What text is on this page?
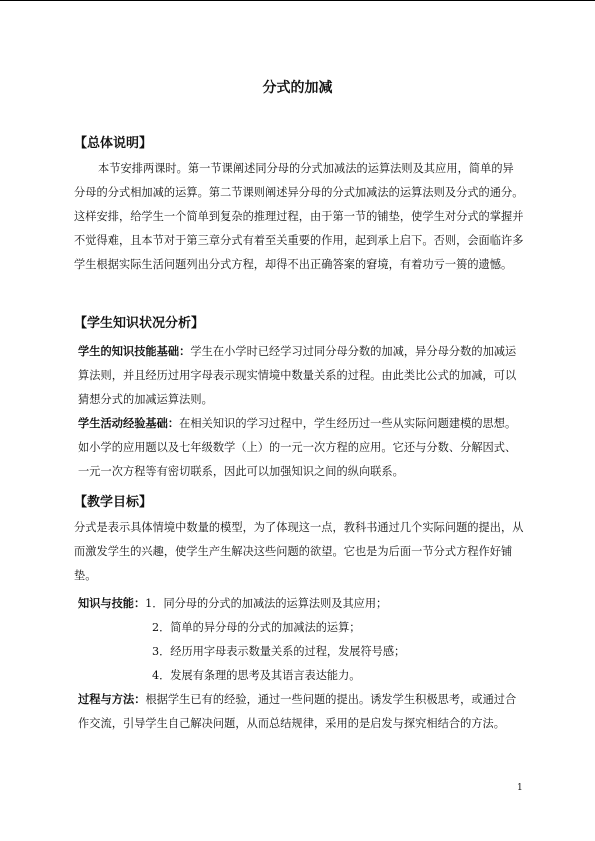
分式的加减
【总体说明】
本节安排两课时。第一节课阐述同分母的分式加减法的运算法则及其应用，简单的异分母的分式相加减的运算。第二节课则阐述异分母的分式加减法的运算法则及分式的通分。这样安排，给学生一个简单到复杂的推理过程，由于第一节的铺垫，使学生对分式的掌握并不觉得难，且本节对于第三章分式有着至关重要的作用，起到承上启下。否则，会面临许多学生根据实际生活问题列出分式方程，却得不出正确答案的窘境，有着功亏一篑的遗憾。
【学生知识状况分析】
学生的知识技能基础：学生在小学时已经学习过同分母分数的加减，异分母分数的加减运算法则，并且经历过用字母表示现实情境中数量关系的过程。由此类比公式的加减，可以猜想分式的加减运算法则。
学生活动经验基础：在相关知识的学习过程中，学生经历过一些从实际问题建模的思想。如小学的应用题以及七年级数学（上）的一元一次方程的应用。它还与分数、分解因式、一元一次方程等有密切联系，因此可以加强知识之间的纵向联系。
【教学目标】
分式是表示具体情境中数量的模型，为了体现这一点，教科书通过几个实际问题的提出，从而激发学生的兴趣，使学生产生解决这些问题的欲望。它也是为后面一节分式方程作好铺垫。
知识与技能：1．同分母的分式的加减法的运算法则及其应用；
2．简单的异分母的分式的加减法的运算；
3．经历用字母表示数量关系的过程，发展符号感；
4．发展有条理的思考及其语言表达能力。
过程与方法：根据学生已有的经验，通过一些问题的提出。诱发学生积极思考，或通过合作交流，引导学生自己解决问题，从而总结规律，采用的是启发与探究相结合的方法。
1
